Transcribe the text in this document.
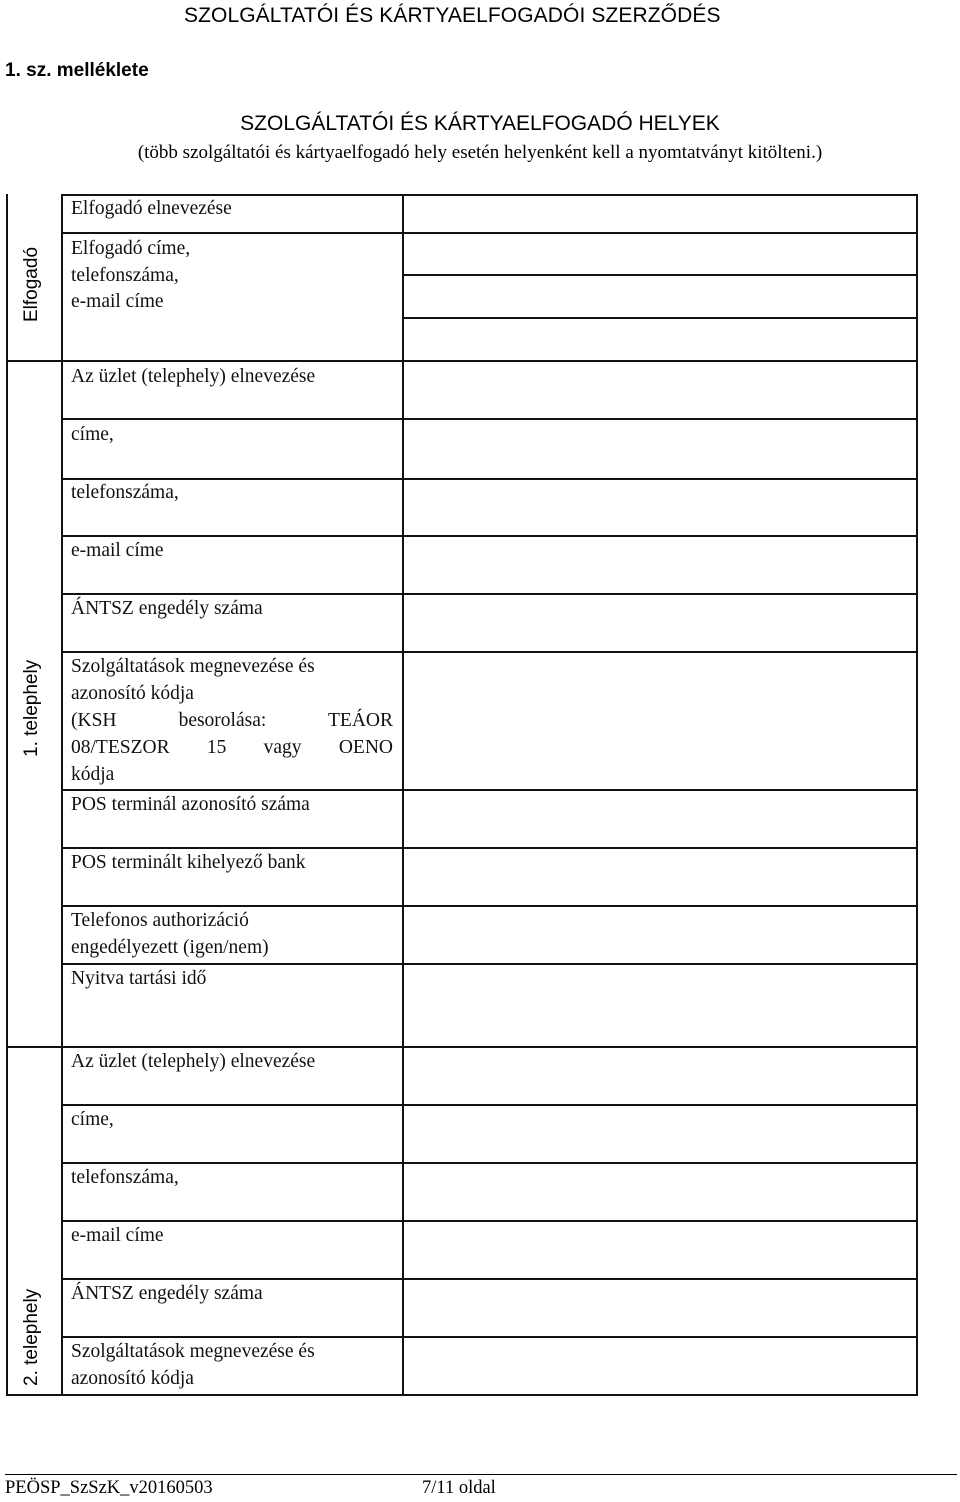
SZOLGÁLTATÓI ÉS KÁRTYAELFOGADÓI SZERZŐDÉS
1. sz. melléklete
SZOLGÁLTATÓI ÉS KÁRTYAELFOGADÓ HELYEK
(több szolgáltatói és kártyaelfogadó hely esetén helyenként kell a nyomtatványt kitölteni.)
Elfogadó
1. telephely
2. telephely
Elfogadó elnevezése
Elfogadó címe,
telefonszáma,
e-mail címe
Az üzlet (telephely) elnevezése
címe,
telefonszáma,
e-mail címe
ÁNTSZ engedély száma
Szolgáltatások megnevezése és
azonosító kódja
(KSH besorolása: TEÁOR
08/TESZOR 15 vagy OENO
kódja
POS terminál azonosító száma
POS terminált kihelyező bank
Telefonos authorizáció
engedélyezett (igen/nem)
Nyitva tartási idő
Az üzlet (telephely) elnevezése
címe,
telefonszáma,
e-mail címe
ÁNTSZ engedély száma
Szolgáltatások megnevezése és
azonosító kódja
PEÖSP_SzSzK_v20160503	7/11 oldal
